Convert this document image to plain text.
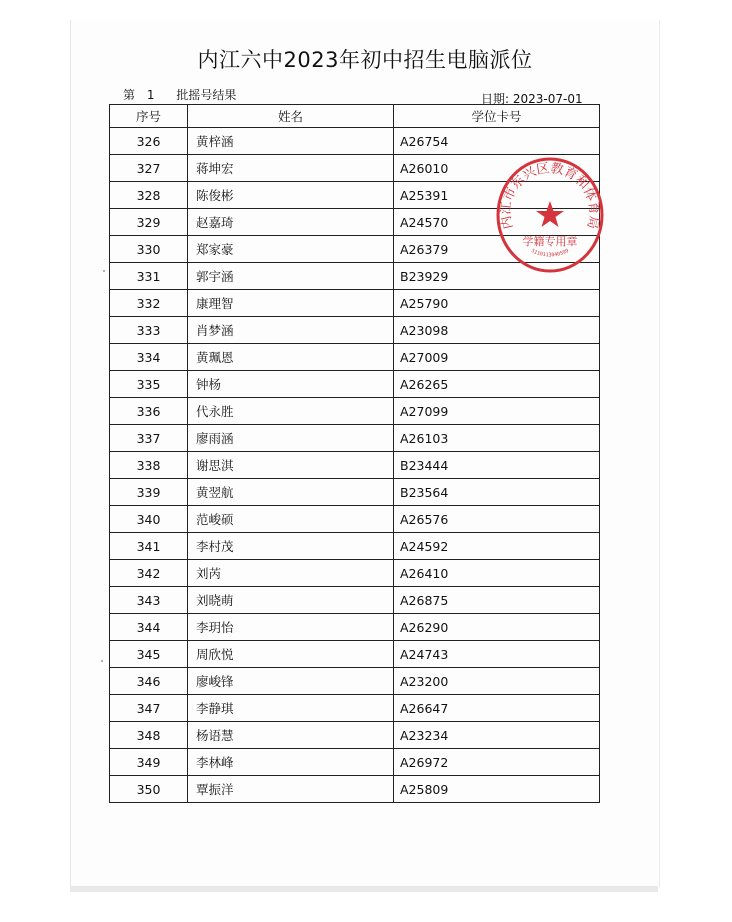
内江六中2023年初中招生电脑派位
第 1 批摇号结果	日期: 2023-07-01
序号	姓名	学位卡号
326	黄梓涵	A26754
327	蒋坤宏	A26010
328	陈俊彬	A25391
329	赵嘉琦	A24570
330	郑家豪	A26379
331	郭宇涵	B23929
332	康理智	A25790
333	肖梦涵	A23098
334	黄珮恩	A27009
335	钟杨	A26265
336	代永胜	A27099
337	廖雨涵	A26103
338	谢思淇	B23444
339	黄翌航	B23564
340	范峻硕	A26576
341	李村茂	A24592
342	刘芮	A26410
343	刘晓萌	A26875
344	李玥怡	A26290
345	周欣悦	A24743
346	廖峻锋	A23200
347	李静琪	A26647
348	杨语慧	A23234
349	李林峰	A26972
350	覃振洋	A25809
内江市东兴区教育和体育局
学籍专用章
5110113040599
